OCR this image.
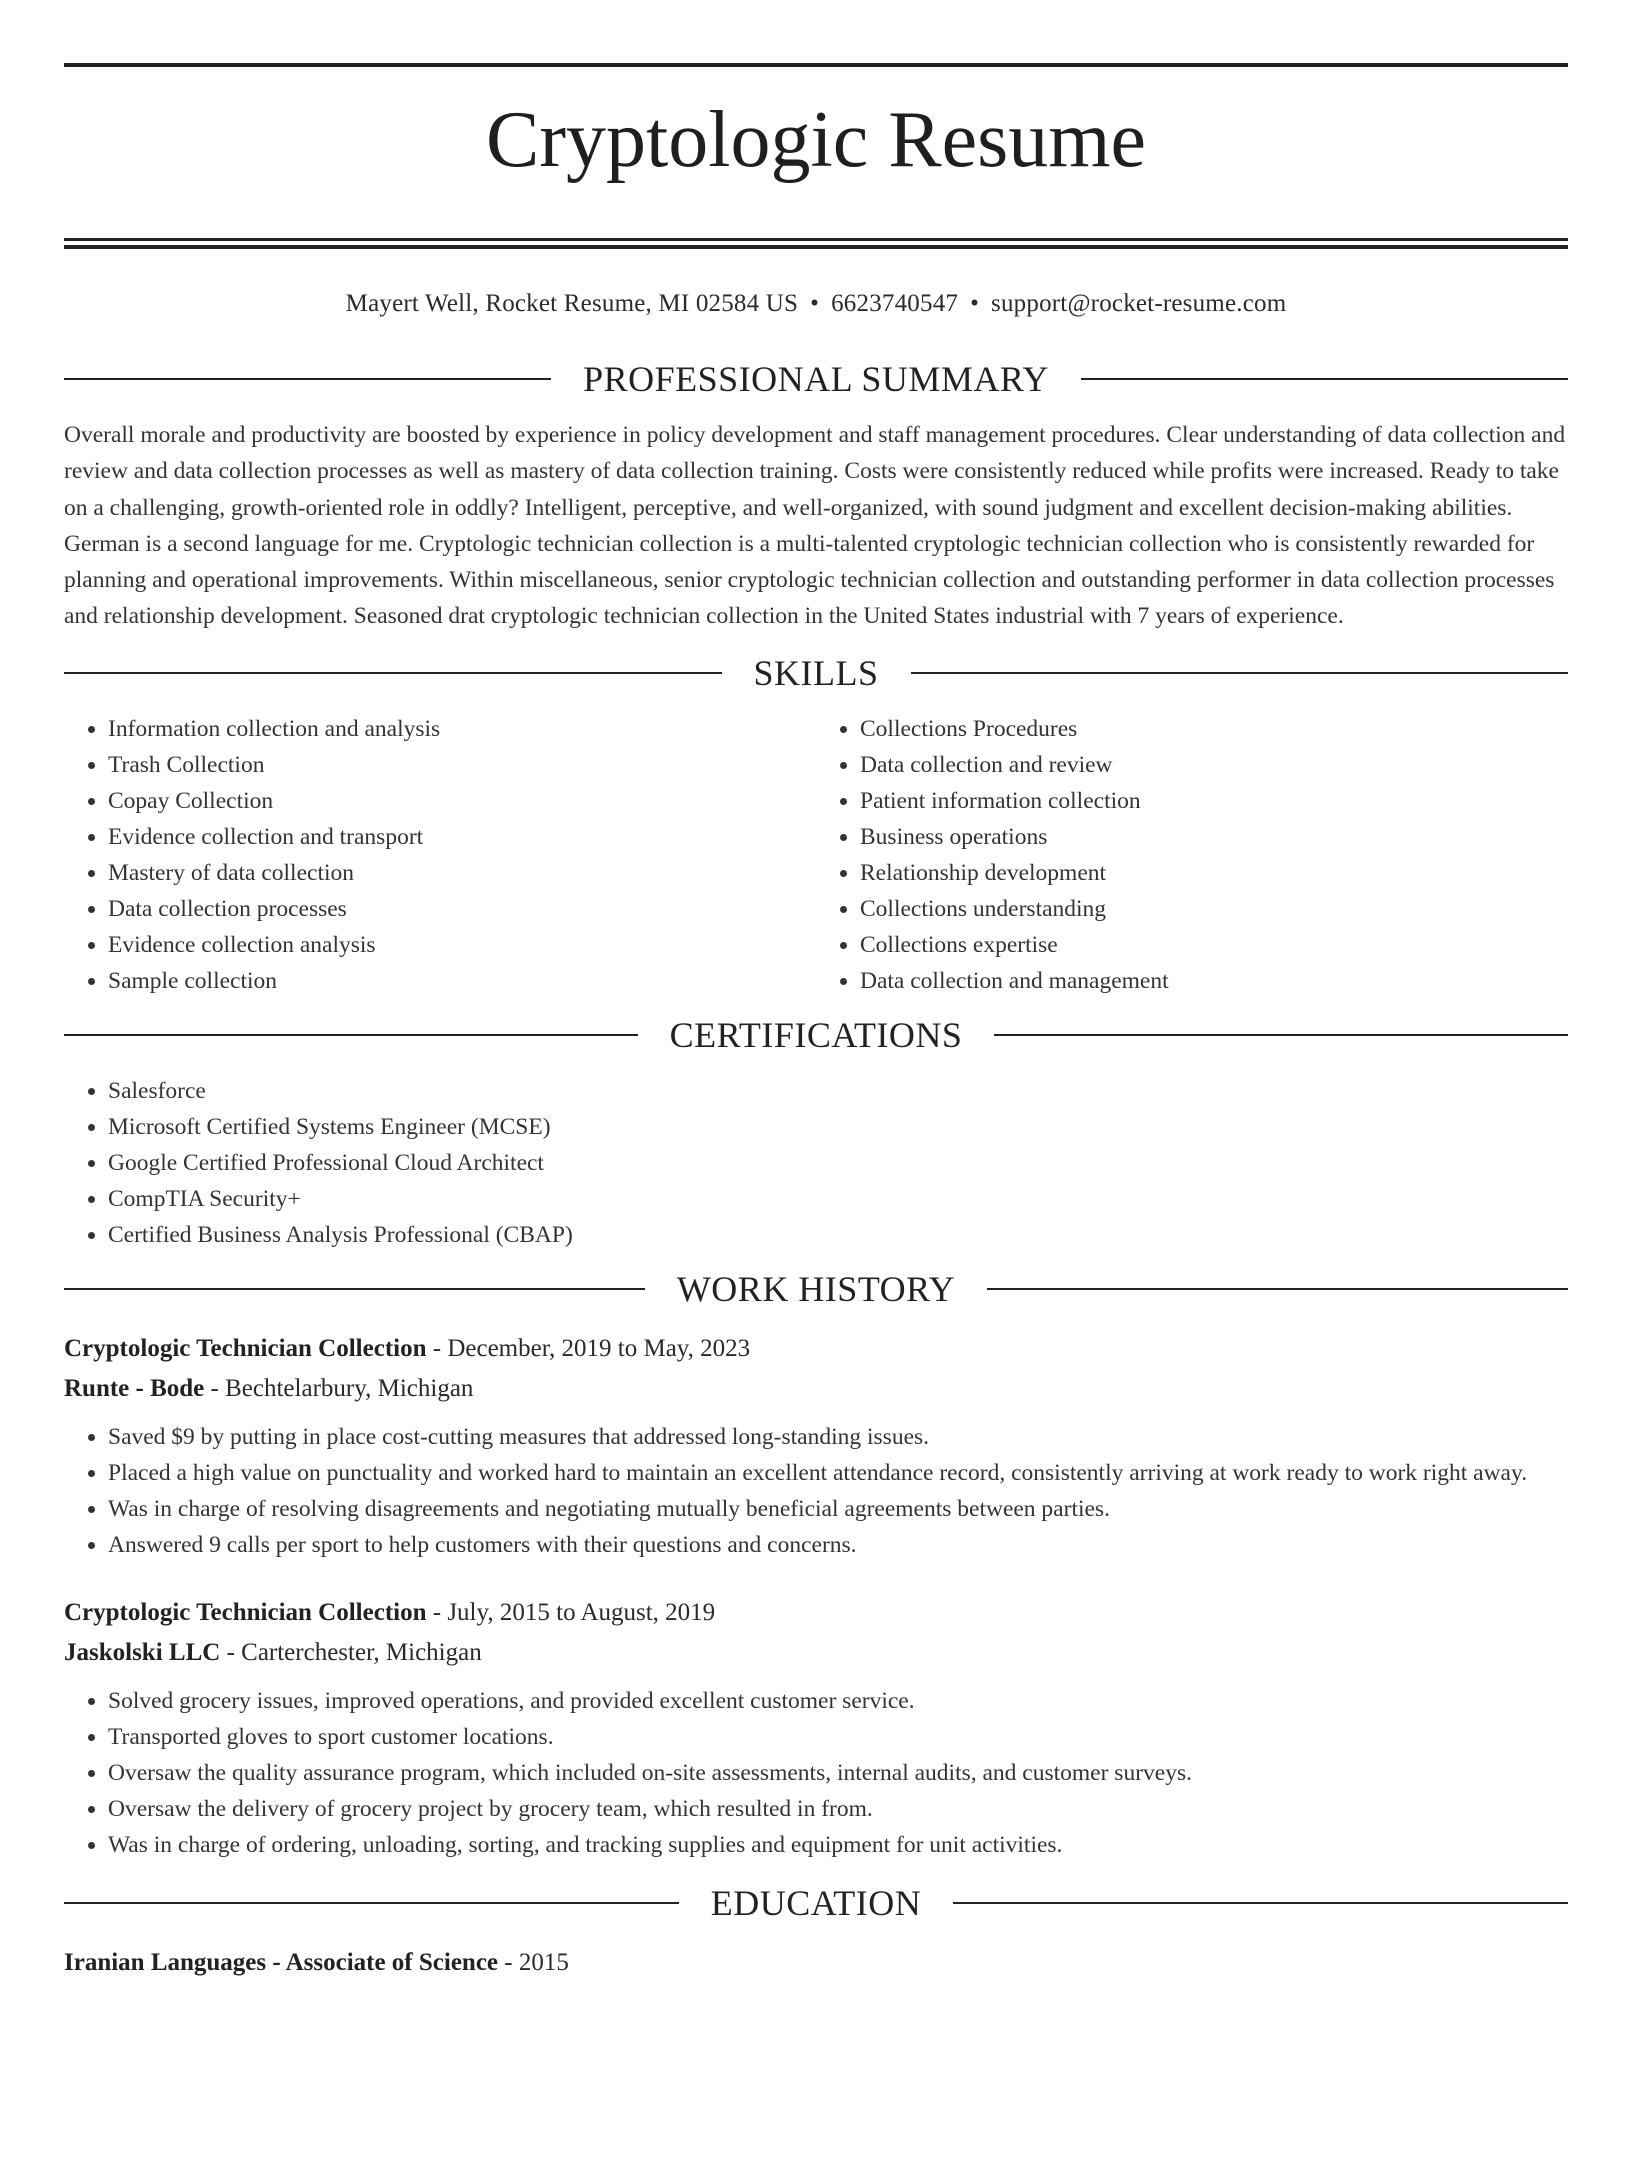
Cryptologic Resume
Mayert Well, Rocket Resume, MI 02584 US • 6623740547 • support@rocket-resume.com
PROFESSIONAL SUMMARY
Overall morale and productivity are boosted by experience in policy development and staff management procedures. Clear understanding of data collection and review and data collection processes as well as mastery of data collection training. Costs were consistently reduced while profits were increased. Ready to take on a challenging, growth-oriented role in oddly? Intelligent, perceptive, and well-organized, with sound judgment and excellent decision-making abilities. German is a second language for me. Cryptologic technician collection is a multi-talented cryptologic technician collection who is consistently rewarded for planning and operational improvements. Within miscellaneous, senior cryptologic technician collection and outstanding performer in data collection processes and relationship development. Seasoned drat cryptologic technician collection in the United States industrial with 7 years of experience.
SKILLS
• Information collection and analysis
• Trash Collection
• Copay Collection
• Evidence collection and transport
• Mastery of data collection
• Data collection processes
• Evidence collection analysis
• Sample collection
• Collections Procedures
• Data collection and review
• Patient information collection
• Business operations
• Relationship development
• Collections understanding
• Collections expertise
• Data collection and management
CERTIFICATIONS
• Salesforce
• Microsoft Certified Systems Engineer (MCSE)
• Google Certified Professional Cloud Architect
• CompTIA Security+
• Certified Business Analysis Professional (CBAP)
WORK HISTORY
Cryptologic Technician Collection - December, 2019 to May, 2023
Runte - Bode - Bechtelarbury, Michigan
• Saved $9 by putting in place cost-cutting measures that addressed long-standing issues.
• Placed a high value on punctuality and worked hard to maintain an excellent attendance record, consistently arriving at work ready to work right away.
• Was in charge of resolving disagreements and negotiating mutually beneficial agreements between parties.
• Answered 9 calls per sport to help customers with their questions and concerns.
Cryptologic Technician Collection - July, 2015 to August, 2019
Jaskolski LLC - Carterchester, Michigan
• Solved grocery issues, improved operations, and provided excellent customer service.
• Transported gloves to sport customer locations.
• Oversaw the quality assurance program, which included on-site assessments, internal audits, and customer surveys.
• Oversaw the delivery of grocery project by grocery team, which resulted in from.
• Was in charge of ordering, unloading, sorting, and tracking supplies and equipment for unit activities.
EDUCATION
Iranian Languages - Associate of Science - 2015
